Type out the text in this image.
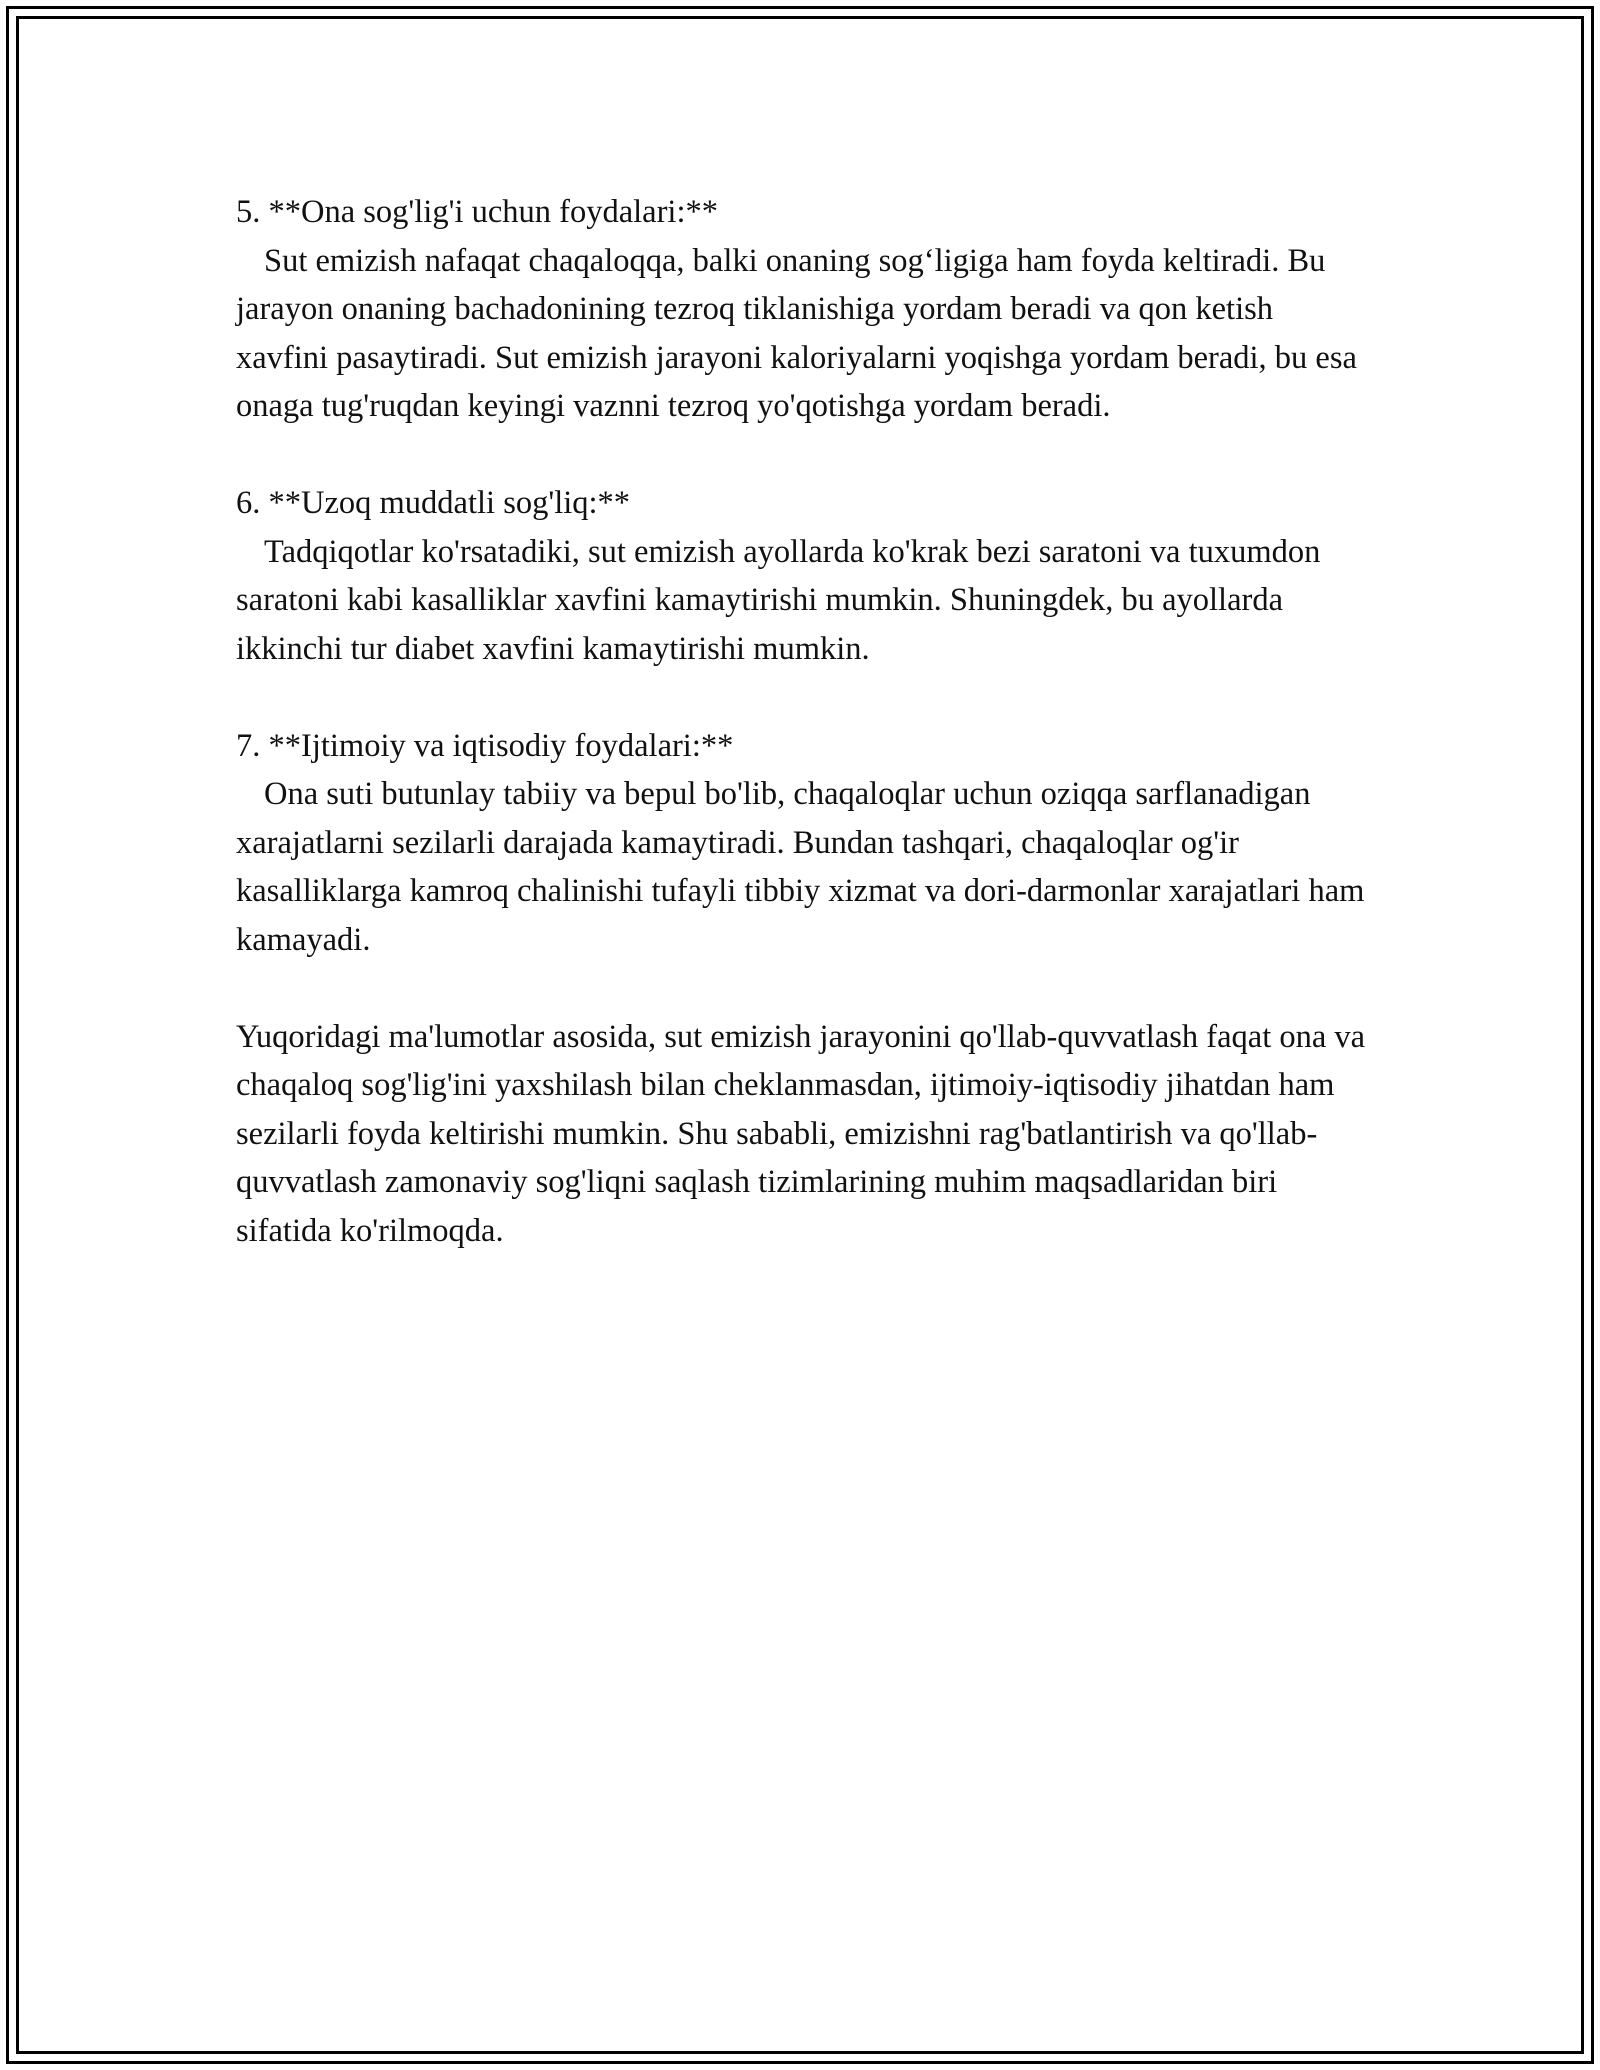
5. **Ona sog'lig'i uchun foydalari:**
Sut emizish nafaqat chaqaloqqa, balki onaning sog‘ligiga ham foyda keltiradi. Bu jarayon onaning bachadonining tezroq tiklanishiga yordam beradi va qon ketish xavfini pasaytiradi. Sut emizish jarayoni kaloriyalarni yoqishga yordam beradi, bu esa onaga tug'ruqdan keyingi vaznni tezroq yo'qotishga yordam beradi.
6. **Uzoq muddatli sog'liq:**
Tadqiqotlar ko'rsatadiki, sut emizish ayollarda ko'krak bezi saratoni va tuxumdon saratoni kabi kasalliklar xavfini kamaytirishi mumkin. Shuningdek, bu ayollarda ikkinchi tur diabet xavfini kamaytirishi mumkin.
7. **Ijtimoiy va iqtisodiy foydalari:**
Ona suti butunlay tabiiy va bepul bo'lib, chaqaloqlar uchun oziqqa sarflanadigan xarajatlarni sezilarli darajada kamaytiradi. Bundan tashqari, chaqaloqlar og'ir kasalliklarga kamroq chalinishi tufayli tibbiy xizmat va dori-darmonlar xarajatlari ham kamayadi.
Yuqoridagi ma'lumotlar asosida, sut emizish jarayonini qo'llab-quvvatlash faqat ona va chaqaloq sog'lig'ini yaxshilash bilan cheklanmasdan, ijtimoiy-iqtisodiy jihatdan ham sezilarli foyda keltirishi mumkin. Shu sababli, emizishni rag'batlantirish va qo'llab-quvvatlash zamonaviy sog'liqni saqlash tizimlarining muhim maqsadlaridan biri sifatida ko'rilmoqda.
